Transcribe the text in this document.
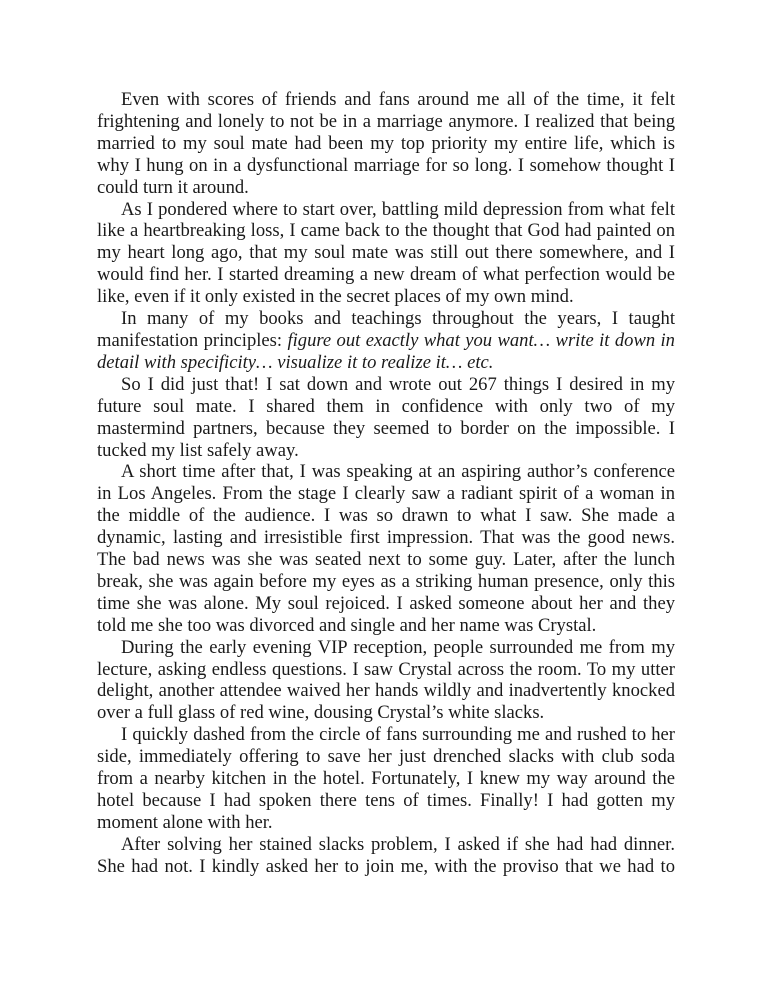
Even with scores of friends and fans around me all of the time, it felt frightening and lonely to not be in a marriage anymore. I realized that being married to my soul mate had been my top priority my entire life, which is why I hung on in a dysfunctional marriage for so long. I somehow thought I could turn it around.

As I pondered where to start over, battling mild depression from what felt like a heartbreaking loss, I came back to the thought that God had painted on my heart long ago, that my soul mate was still out there somewhere, and I would find her. I started dreaming a new dream of what perfection would be like, even if it only existed in the secret places of my own mind.

In many of my books and teachings throughout the years, I taught manifestation principles: figure out exactly what you want… write it down in detail with specificity… visualize it to realize it… etc.

So I did just that! I sat down and wrote out 267 things I desired in my future soul mate. I shared them in confidence with only two of my mastermind partners, because they seemed to border on the impossible. I tucked my list safely away.

A short time after that, I was speaking at an aspiring author’s conference in Los Angeles. From the stage I clearly saw a radiant spirit of a woman in the middle of the audience. I was so drawn to what I saw. She made a dynamic, lasting and irresistible first impression. That was the good news. The bad news was she was seated next to some guy. Later, after the lunch break, she was again before my eyes as a striking human presence, only this time she was alone. My soul rejoiced. I asked someone about her and they told me she too was divorced and single and her name was Crystal.

During the early evening VIP reception, people surrounded me from my lecture, asking endless questions. I saw Crystal across the room. To my utter delight, another attendee waived her hands wildly and inadvertently knocked over a full glass of red wine, dousing Crystal’s white slacks.

I quickly dashed from the circle of fans surrounding me and rushed to her side, immediately offering to save her just drenched slacks with club soda from a nearby kitchen in the hotel. Fortunately, I knew my way around the hotel because I had spoken there tens of times. Finally! I had gotten my moment alone with her.

After solving her stained slacks problem, I asked if she had had dinner. She had not. I kindly asked her to join me, with the proviso that we had to
